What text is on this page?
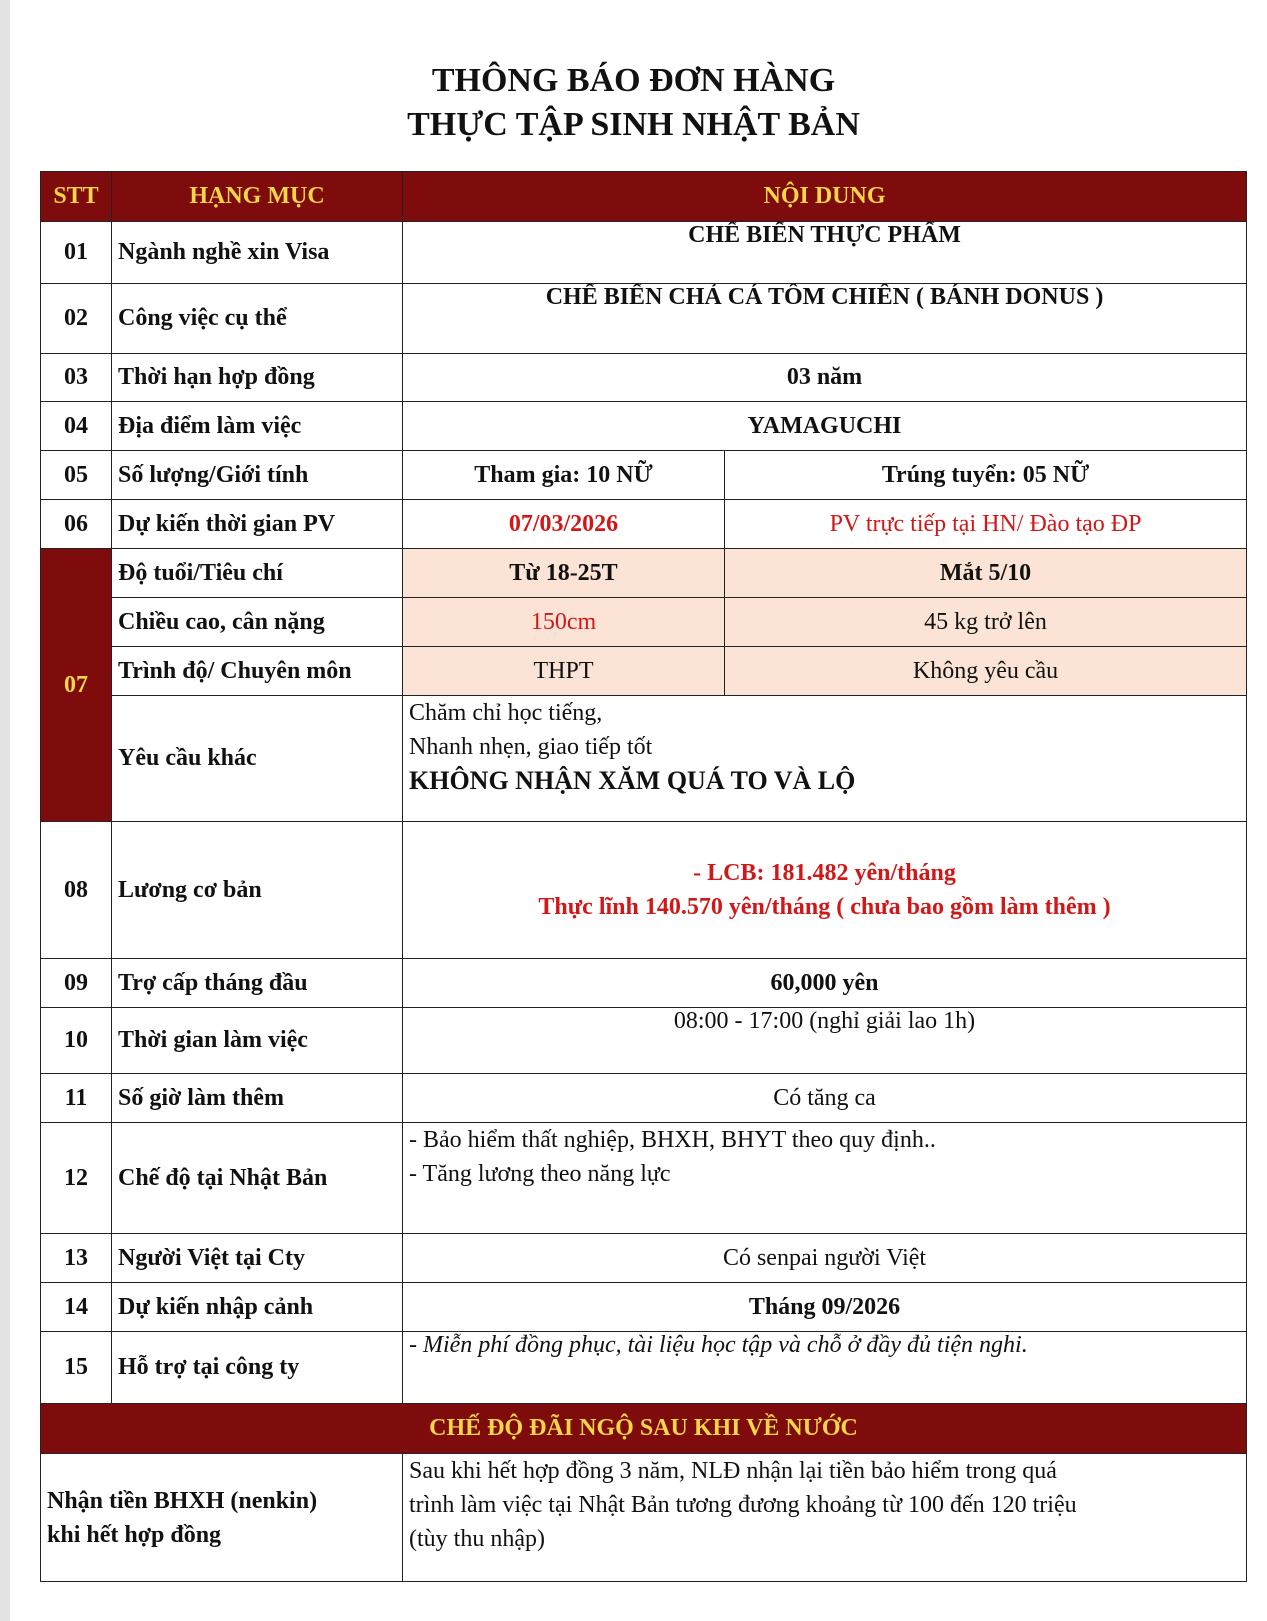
THÔNG BÁO ĐƠN HÀNG
THỰC TẬP SINH NHẬT BẢN
STT	HẠNG MỤC	NỘI DUNG	
01	Ngành nghề xin Visa	CHẾ BIẾN THỰC PHẨM	
02	Công việc cụ thể	CHẾ BIẾN CHẢ CÁ TÔM CHIÊN ( BÁNH DONUS )	
03	Thời hạn hợp đồng	03 năm	
04	Địa điểm làm việc	YAMAGUCHI	
05	Số lượng/Giới tính	Tham gia: 10 NỮ	Trúng tuyển: 05 NỮ
06	Dự kiến thời gian PV	07/03/2026	PV trực tiếp tại HN/ Đào tạo ĐP
07	Độ tuổi/Tiêu chí	Từ 18-25T	Mắt 5/10
	Chiều cao, cân nặng	150cm	45 kg trở lên
	Trình độ/ Chuyên môn	THPT	Không yêu cầu
	Yêu cầu khác	Chăm chỉ học tiếng,
Nhanh nhẹn, giao tiếp tốt
KHÔNG NHẬN XĂM QUÁ TO VÀ LỘ	

08	Lương cơ bản	- LCB: 181.482 yên/tháng
Thực lĩnh 140.570 yên/tháng ( chưa bao gồm làm thêm )	

09	Trợ cấp tháng đầu	60,000 yên	
10	Thời gian làm việc	08:00 - 17:00 (nghỉ giải lao 1h)	
11	Số giờ làm thêm	Có tăng ca	
12	Chế độ tại Nhật Bản	- Bảo hiểm thất nghiệp, BHXH, BHYT theo quy định..
- Tăng lương theo năng lực	

13	Người Việt tại Cty	Có senpai người Việt	
14	Dự kiến nhập cảnh	Tháng 09/2026	
15	Hỗ trợ tại công ty	- Miễn phí đồng phục, tài liệu học tập và chỗ ở đầy đủ tiện nghi.	
CHẾ ĐỘ ĐÃI NGỘ SAU KHI VỀ NƯỚC			

Nhận tiền BHXH (nenkin)
khi hết hợp đồng		Sau khi hết hợp đồng 3 năm, NLĐ nhận lại tiền bảo hiểm trong quá
trình làm việc tại Nhật Bản tương đương khoảng từ 100 đến 120 triệu
(tùy thu nhập)	
